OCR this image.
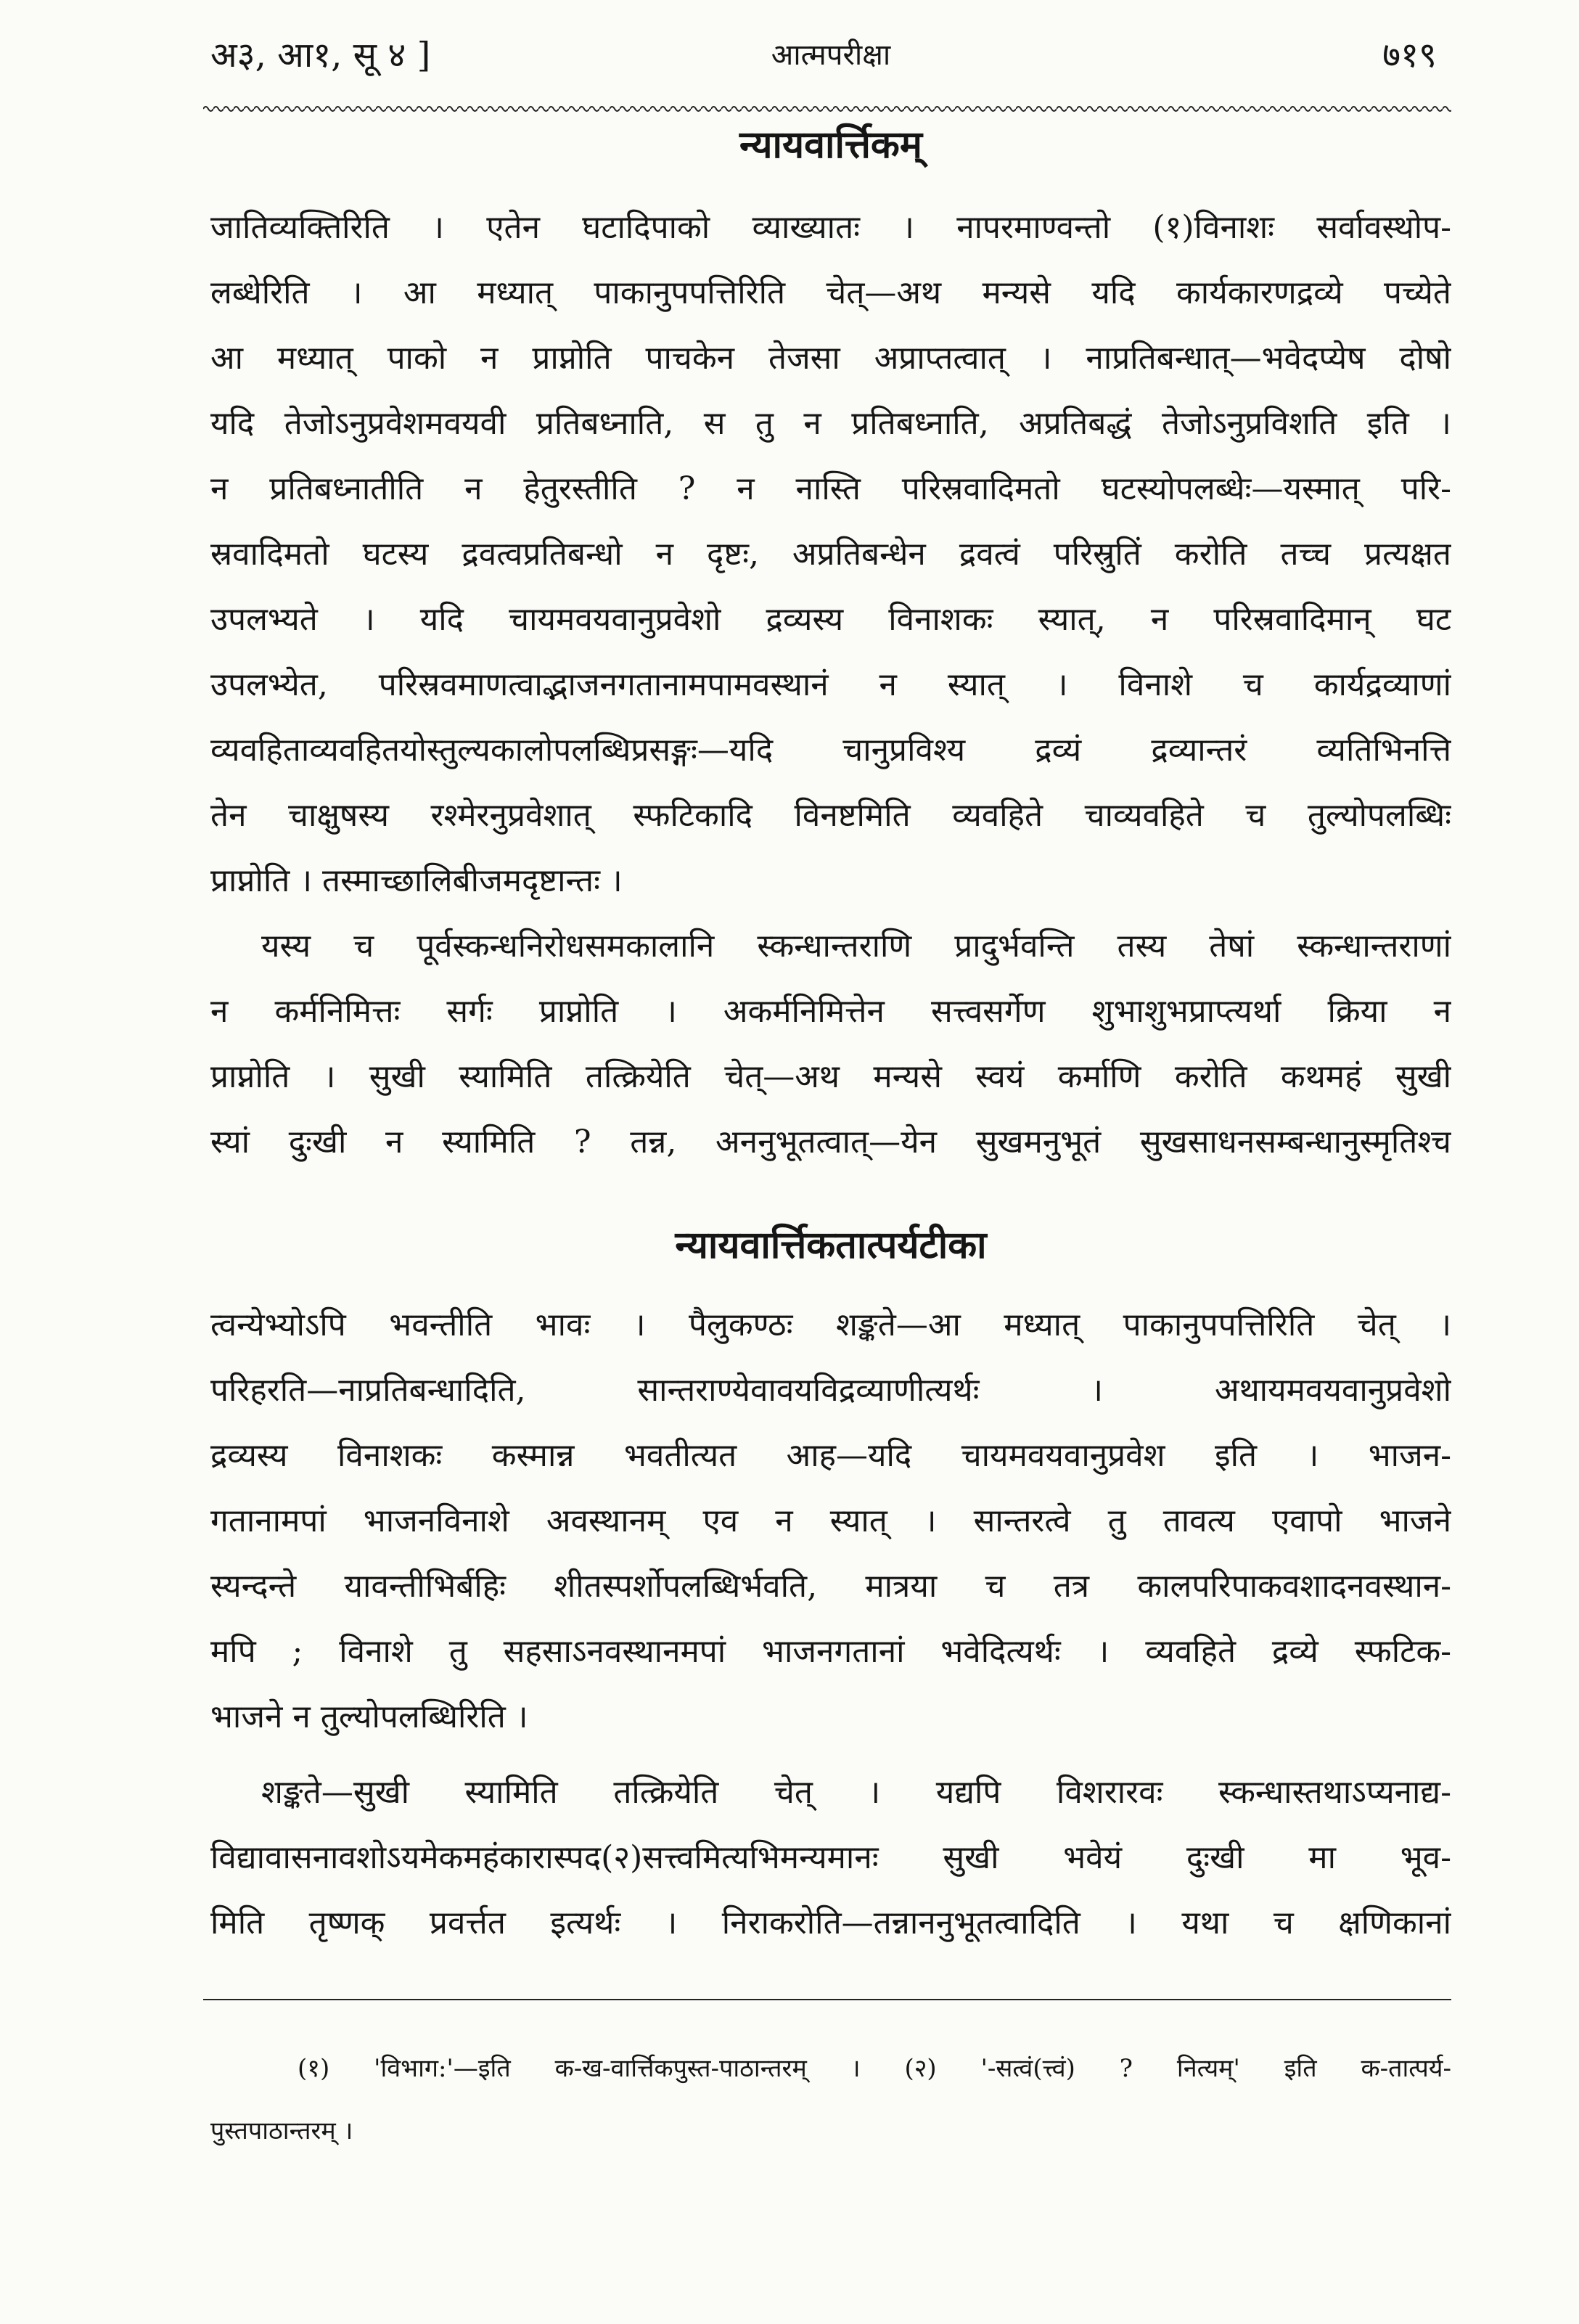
अ३, आ१, सू ४ ]	आत्मपरीक्षा	७१९
न्यायवार्त्तिकम्
जातिव्यक्तिरिति । एतेन घटादिपाको व्याख्यातः । नापरमाण्वन्तो (१)विनाशः सर्वावस्थोप-
लब्धेरिति । आ मध्यात् पाकानुपपत्तिरिति चेत्—अथ मन्यसे यदि कार्यकारणद्रव्ये पच्येते
आ मध्यात् पाको न प्राप्नोति पाचकेन तेजसा अप्राप्तत्वात् । नाप्रतिबन्धात्—भवेदप्येष दोषो
यदि तेजोऽनुप्रवेशमवयवी प्रतिबध्नाति, स तु न प्रतिबध्नाति, अप्रतिबद्धं तेजोऽनुप्रविशति इति ।
न प्रतिबध्नातीति न हेतुरस्तीति ? न नास्ति परिस्रवादिमतो घटस्योपलब्धेः—यस्मात् परि-
स्रवादिमतो घटस्य द्रवत्वप्रतिबन्धो न दृष्टः, अप्रतिबन्धेन द्रवत्वं परिस्रुतिं करोति तच्च प्रत्यक्षत
उपलभ्यते । यदि चायमवयवानुप्रवेशो द्रव्यस्य विनाशकः स्यात्, न परिस्रवादिमान् घट
उपलभ्येत, परिस्रवमाणत्वाद्भाजनगतानामपामवस्थानं न स्यात् । विनाशे च कार्यद्रव्याणां
व्यवहिताव्यवहितयोस्तुल्यकालोपलब्धिप्रसङ्गः—यदि चानुप्रविश्य द्रव्यं द्रव्यान्तरं व्यतिभिनत्ति
तेन चाक्षुषस्य रश्मेरनुप्रवेशात् स्फटिकादि विनष्टमिति व्यवहिते चाव्यवहिते च तुल्योपलब्धिः
प्राप्नोति । तस्माच्छालिबीजमदृष्टान्तः ।
यस्य च पूर्वस्कन्धनिरोधसमकालानि स्कन्धान्तराणि प्रादुर्भवन्ति तस्य तेषां स्कन्धान्तराणां
न कर्मनिमित्तः सर्गः प्राप्नोति । अकर्मनिमित्तेन सत्त्वसर्गेण शुभाशुभप्राप्त्यर्था क्रिया न
प्राप्नोति । सुखी स्यामिति तत्क्रियेति चेत्—अथ मन्यसे स्वयं कर्माणि करोति कथमहं सुखी
स्यां दुःखी न स्यामिति ? तन्न, अननुभूतत्वात्—येन सुखमनुभूतं सुखसाधनसम्बन्धानुस्मृतिश्च
न्यायवार्त्तिकतात्पर्यटीका
त्वन्येभ्योऽपि भवन्तीति भावः । पैलुकण्ठः शङ्कते—आ मध्यात् पाकानुपपत्तिरिति चेत् ।
परिहरति—नाप्रतिबन्धादिति, सान्तराण्येवावयविद्रव्याणीत्यर्थः । अथायमवयवानुप्रवेशो
द्रव्यस्य विनाशकः कस्मान्न भवतीत्यत आह—यदि चायमवयवानुप्रवेश इति । भाजन-
गतानामपां भाजनविनाशे अवस्थानम् एव न स्यात् । सान्तरत्वे तु तावत्य एवापो भाजने
स्यन्दन्ते यावन्तीभिर्बहिः शीतस्पर्शोपलब्धिर्भवति, मात्रया च तत्र कालपरिपाकवशादनवस्थान-
मपि ; विनाशे तु सहसाऽनवस्थानमपां भाजनगतानां भवेदित्यर्थः । व्यवहिते द्रव्ये स्फटिक-
भाजने न तुल्योपलब्धिरिति ।
शङ्कते—सुखी स्यामिति तत्क्रियेति चेत् । यद्यपि विशरारवः स्कन्धास्तथाऽप्यनाद्य-
विद्यावासनावशोऽयमेकमहंकारास्पद(२)सत्त्वमित्यभिमन्यमानः सुखी भवेयं दुःखी मा भूव-
मिति तृष्णक् प्रवर्त्तत इत्यर्थः । निराकरोति—तन्नाननुभूतत्वादिति । यथा च क्षणिकानां
(१) 'विभाग:'—इति क-ख-वार्त्तिकपुस्त-पाठान्तरम् । (२) '-सत्वं(त्त्वं) ? नित्यम्' इति क-तात्पर्य-
पुस्तपाठान्तरम् ।
